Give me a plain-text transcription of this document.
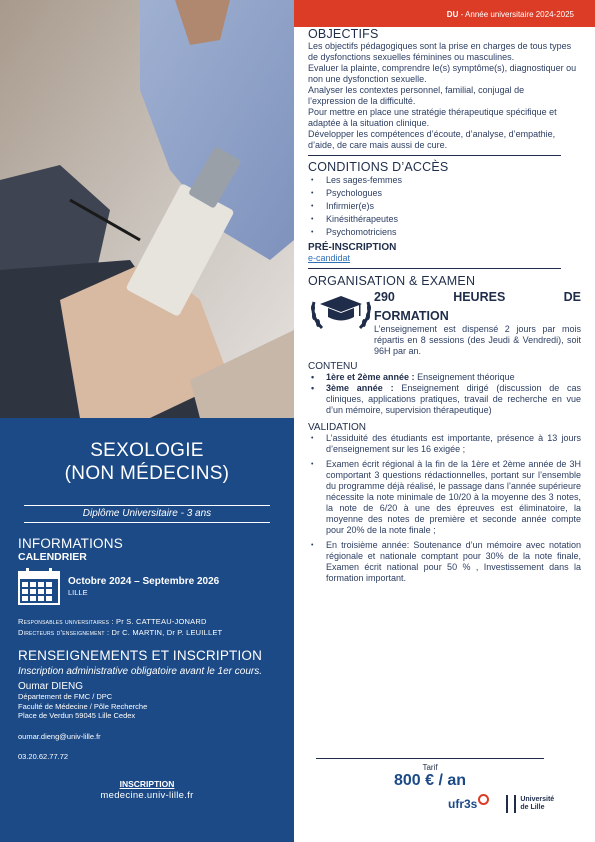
SEXOLOGIE
(NON MÉDECINS)
Diplôme Universitaire - 3 ans
INFORMATIONS
CALENDRIER
Octobre 2024 – Septembre 2026
LILLE
Responsables universitaires : Pr S. CATTEAU-JONARD
Directeurs d’enseignement : Dr C. MARTIN, Dr P. LEUILLET
RENSEIGNEMENTS ET INSCRIPTION
Inscription administrative obligatoire avant le 1er cours.
Oumar DIENG
Département de FMC / DPC
Faculté de Médecine / Pôle Recherche
Place de Verdun 59045 Lille Cedex
oumar.dieng@univ-lille.fr
03.20.62.77.72
INSCRIPTION
medecine.univ-lille.fr
DU - Année universitaire 2024-2025
OBJECTIFS
Les objectifs pédagogiques sont la prise en charges de tous types de dysfonctions sexuelles féminines ou masculines.
Evaluer la plainte, comprendre le(s) symptôme(s), diagnostiquer ou non une dysfonction sexuelle.
Analyser les contextes personnel, familial, conjugal de
l’expression de la difficulté.
Pour mettre en place une stratégie thérapeutique spécifique et adaptée à la situation clinique.
Développer les compétences d’écoute, d’analyse, d’empathie, d’aide, de care mais aussi de cure.
CONDITIONS D’ACCÈS
• Les sages-femmes
• Psychologues
• Infirmier(e)s
• Kinésithérapeutes
• Psychomotriciens
PRÉ-INSCRIPTION
e-candidat
ORGANISATION & EXAMEN
290 HEURES DE
FORMATION
L’enseignement est dispensé 2 jours par mois répartis en 8 sessions (des Jeudi & Vendredi), soit 96H par an.
CONTENU
• 1ère et 2ème année : Enseignement théorique
• 3ème année : Enseignement dirigé (discussion de cas cliniques, applications pratiques, travail de recherche en vue d’un mémoire, supervision thérapeutique)
VALIDATION
• L’assiduité des étudiants est importante, présence à 13 jours d’enseignement sur les 16 exigée ;
• Examen écrit régional à la fin de la 1ère et 2ème année de 3H comportant 3 questions rédactionnelles, portant sur l’ensemble du programme déjà réalisé, le passage dans l’année supérieure nécessite la note minimale de 10/20 à la moyenne des 3 notes, la note de 6/20 à une des épreuves est éliminatoire, la moyenne des notes de première et seconde année compte pour 20% de la note finale ;
• En troisième année: Soutenance d’un mémoire avec notation régionale et nationale comptant pour 30% de la note finale, Examen écrit national pour 50 % , Investissement dans la formation important.
Tarif
800 € / an
ufr3s	Université
de Lille
